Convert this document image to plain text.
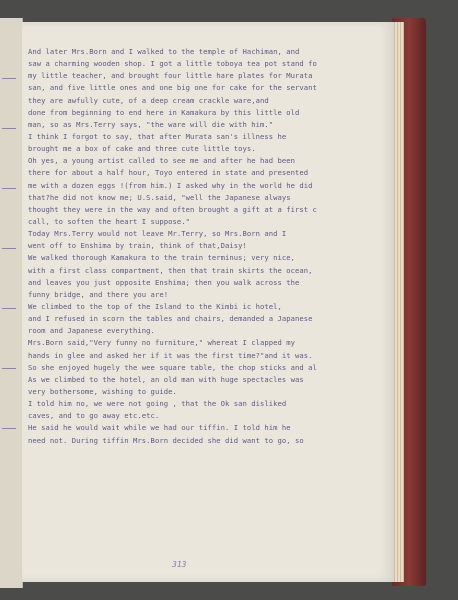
And later Mrs.Born and I walked to the temple of Hachiman, and
saw a charming wooden shop. I got a little toboya tea pot stand fo
my little teacher, and brought four little hare plates for Murata
san, and five little ones and one big one for cake for the servant
they are awfully cute, of a deep cream crackle ware,and
done from beginning to end here in Kamakura by this little old
man, so as Mrs.Terry says, "the ware will die with him."
I think I forgot to say, that after Murata san's illness he
brought me a box of cake and three cute little toys.
Oh yes, a young artist called to see me and after he had been
there for about a half hour, Toyo entered in state and presented
me with a dozen eggs !(from him.) I asked why in the world he did
that?he did not know me; U.S.said, "well the Japanese always
thought they were in the way and often brought a gift at a first c
call, to soften the heart I suppose."
Today Mrs.Terry would not leave Mr.Terry, so Mrs.Born and I
went off to Enshima by train, think of that,Daisy!
We walked thorough Kamakura to the train terminus; very nice,
with a first class compartment, then that train skirts the ocean,
and leaves you just opposite Enshima; then you walk across the
funny bridge, and there you are!
We climbed to the top of the Island to the Kimbi ic hotel,
and I refused in scorn the tables and chairs, demanded a Japanese
room and Japanese everything.
Mrs.Born said,"Very funny no furniture," whereat I clapped my
hands in glee and asked her if it was the first time?"and it was.
So she enjoyed hugely the wee square table, the chop sticks and al
As we climbed to the hotel, an old man with huge spectacles was
very bothersome, wishing to guide.
I told him no, we were not going , that the Ok san disliked
caves, and to go away etc.etc.
He said he would wait while we had our tiffin. I told him he
need not. During tiffin Mrs.Born decided she did want to go, so
313
